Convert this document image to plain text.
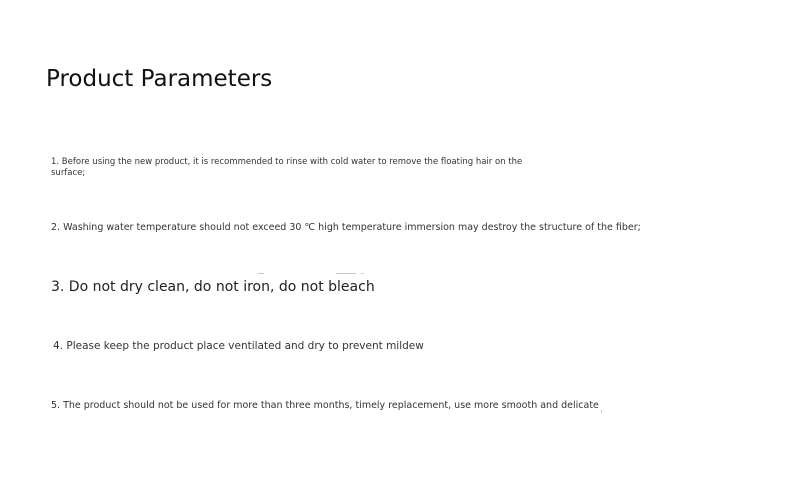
Product Parameters
1. Before using the new product, it is recommended to rinse with cold water to remove the floating hair on the surface;
2. Washing water temperature should not exceed 30 ℃ high temperature immersion may destroy the structure of the fiber;
3. Do not dry clean, do not iron, do not bleach
4. Please keep the product place ventilated and dry to prevent mildew
5. The product should not be used for more than three months, timely replacement, use more smooth and delicate
